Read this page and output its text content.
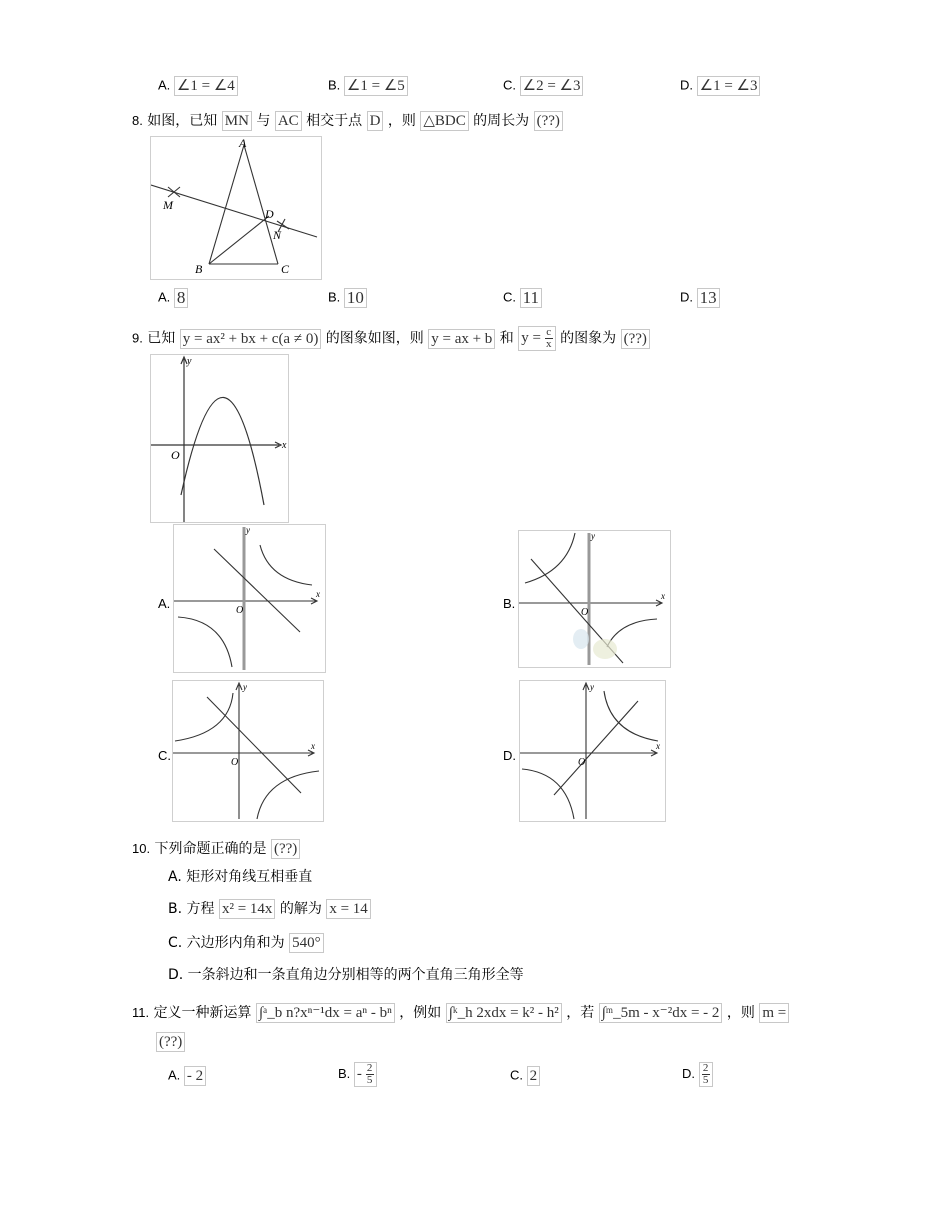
A. ∠1 = ∠4	B. ∠1 = ∠5	C. ∠2 = ∠3	D. ∠1 = ∠3
8. 如图，已知 MN 与 AC 相交于点 D ，则 △BDC 的周长为 (??)
A
B	C
D
M
N
A. 8	B. 10	C. 11	D. 13
9. 已知 y = ax² + bx + c(a ≠ 0) 的图象如图，则 y = ax + b 和 $y = \frac{c}{x}$ 的图象为 (??)
x
y
O
A.
x
y
O	B.	x
y
O
C.
x
y
O	D.
x
y
O
10. 下列命题正确的是 (??)
A. 矩形对角线互相垂直
B. 方程 x² = 14x 的解为 x = 14
C. 六边形内角和为 540°
D. 一条斜边和一条直角边分别相等的两个直角三角形全等
11. 定义一种新运算 ∫ᵃ_b n?xⁿ⁻¹dx = aⁿ - bⁿ ，例如 ∫ᵏ_h 2xdx = k² - h² ，若 ∫ᵐ_5m - x⁻²dx = - 2 ，则 m =
(??)
A. - 2	B. - $\frac{2}{5}$	C. 2	D. $\frac{2}{5}$
